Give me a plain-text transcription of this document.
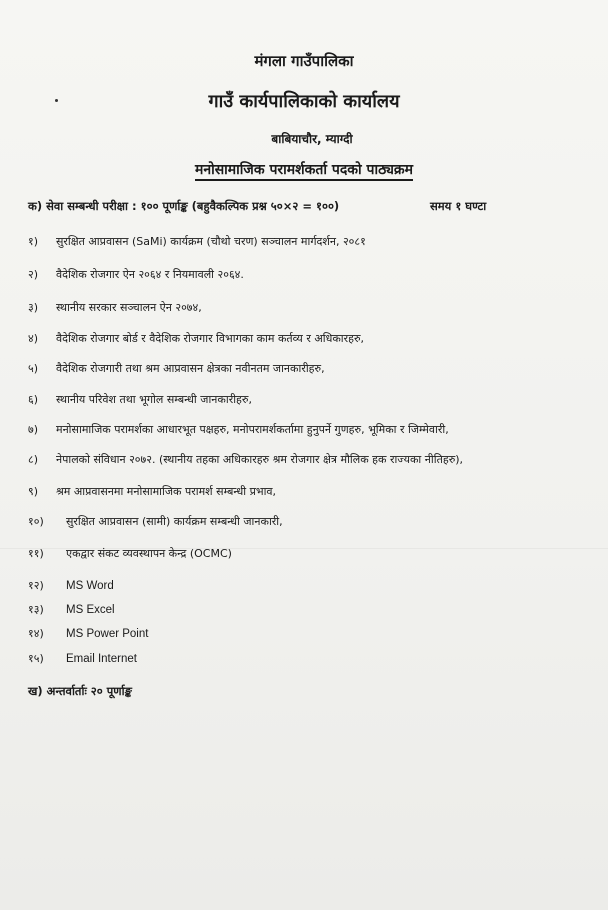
मंगला गाउँपालिका
गाउँ कार्यपालिकाको कार्यालय
बाबियाचौर, म्याग्दी
मनोसामाजिक परामर्शकर्ता पदको पाठ्यक्रम
क) सेवा सम्बन्धी परीक्षा : १०० पूर्णाङ्क (बहुवैकल्पिक प्रश्न ५०×२ = १००)	समय १ घण्टा
१)	सुरक्षित आप्रवासन (SaMi) कार्यक्रम (चौथो चरण) सञ्चालन मार्गदर्शन, २०८१
२)	वैदेशिक रोजगार ऐन २०६४ र नियमावली २०६४.
३)	स्थानीय सरकार सञ्चालन ऐन २०७४,
४)	वैदेशिक रोजगार बोर्ड र वैदेशिक रोजगार विभागका काम कर्तव्य र अधिकारहरु,
५)	वैदेशिक रोजगारी तथा श्रम आप्रवासन क्षेत्रका नवीनतम जानकारीहरु,
६)	स्थानीय परिवेश तथा भूगोल सम्बन्धी जानकारीहरु,
७)	मनोसामाजिक परामर्शका आधारभूत पक्षहरु, मनोपरामर्शकर्तामा हुनुपर्ने गुणहरु, भूमिका र जिम्मेवारी,
८)	नेपालको संविधान २०७२. (स्थानीय तहका अधिकारहरु श्रम रोजगार क्षेत्र मौलिक हक राज्यका नीतिहरु),
९)	श्रम आप्रवासनमा मनोसामाजिक परामर्श सम्बन्धी प्रभाव,
१०)	सुरक्षित आप्रवासन (सामी) कार्यक्रम सम्बन्धी जानकारी,
११)	एकद्वार संकट व्यवस्थापन केन्द्र (OCMC)
१२)	MS Word
१३)	MS Excel
१४)	MS Power Point
१५)	Email Internet
ख) अन्तर्वार्ताः २० पूर्णाङ्क
